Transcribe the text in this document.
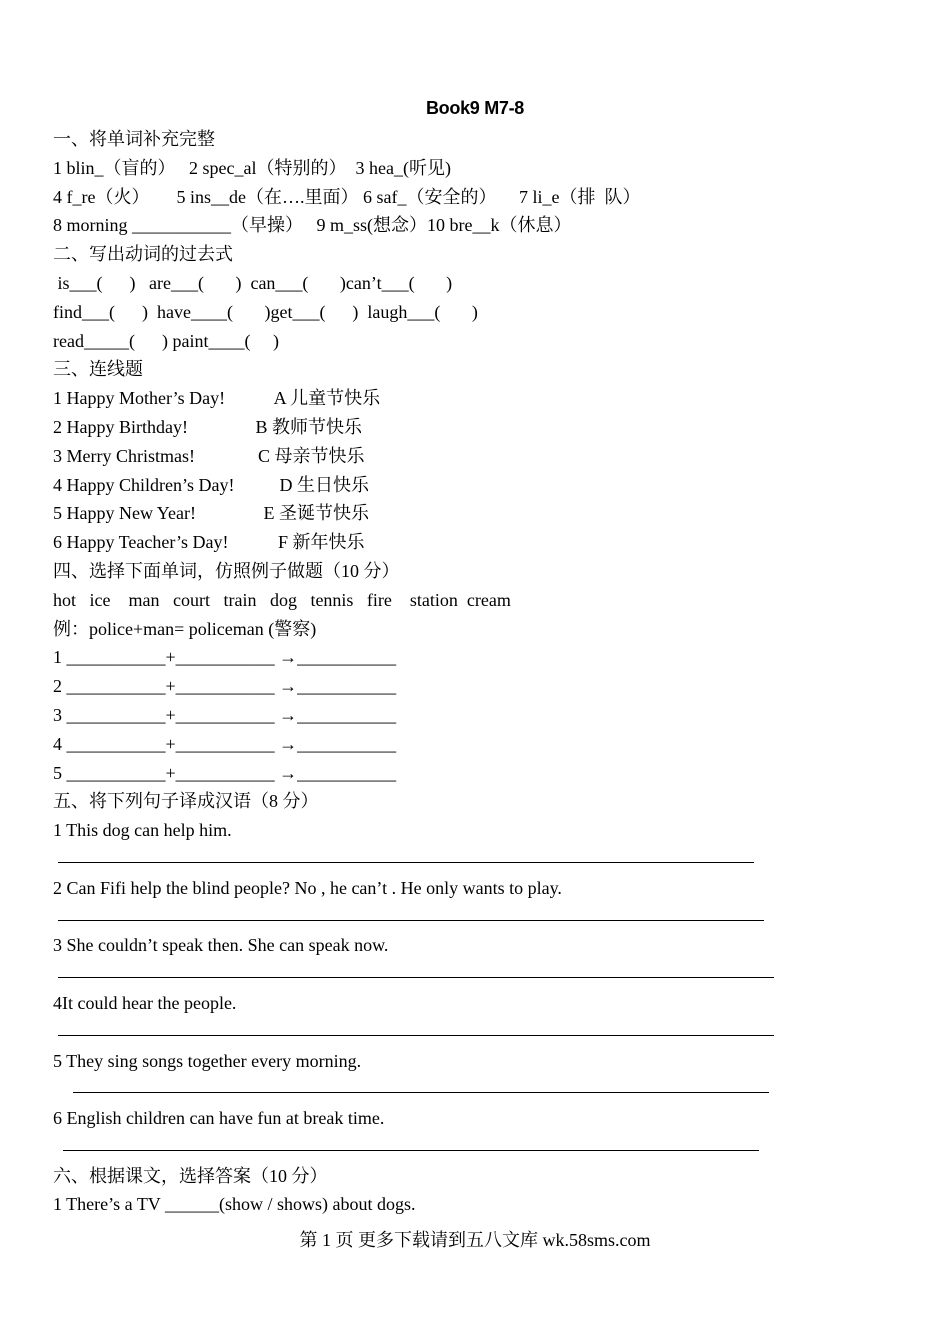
Book9 M7-8
一、将单词补充完整
1 blin_（盲的）   2 spec_al（特别的）  3 hea_(听见)
4 f_re（火）      5 ins__de（在….里面） 6 saf_（安全的）     7 li_e（排  队）
8 morning ___________（早操）   9 m_ss(想念）10 bre__k（休息）
二、写出动词的过去式
is___(      )   are___(       )  can___(       )can’t___(       )
find___(      )  have____(       )get___(      )  laugh___(       )
read_____(      ) paint____(     )
三、连线题
1 Happy Mother’s Day!           A 儿童节快乐
2 Happy Birthday!               B 教师节快乐
3 Merry Christmas!              C 母亲节快乐
4 Happy Children’s Day!          D 生日快乐
5 Happy New Year!               E 圣诞节快乐
6 Happy Teacher’s Day!           F 新年快乐
四、选择下面单词，仿照例子做题（10 分）
hot   ice    man   court   train   dog   tennis   fire    station  cream
例：police+man= policeman (警察)
1 ___________+___________ →___________
2 ___________+___________ →___________
3 ___________+___________ →___________
4 ___________+___________ →___________
5 ___________+___________ →___________
五、将下列句子译成汉语（8 分）
1 This dog can help him.
2 Can Fifi help the blind people? No , he can’t . He only wants to play.
3 She couldn’t speak then. She can speak now.
4It could hear the people.
5 They sing songs together every morning.
6 English children can have fun at break time.
六、根据课文，选择答案（10 分）
1 There’s a TV ______(show / shows) about dogs.
第 1 页 更多下载请到五八文库 wk.58sms.com
